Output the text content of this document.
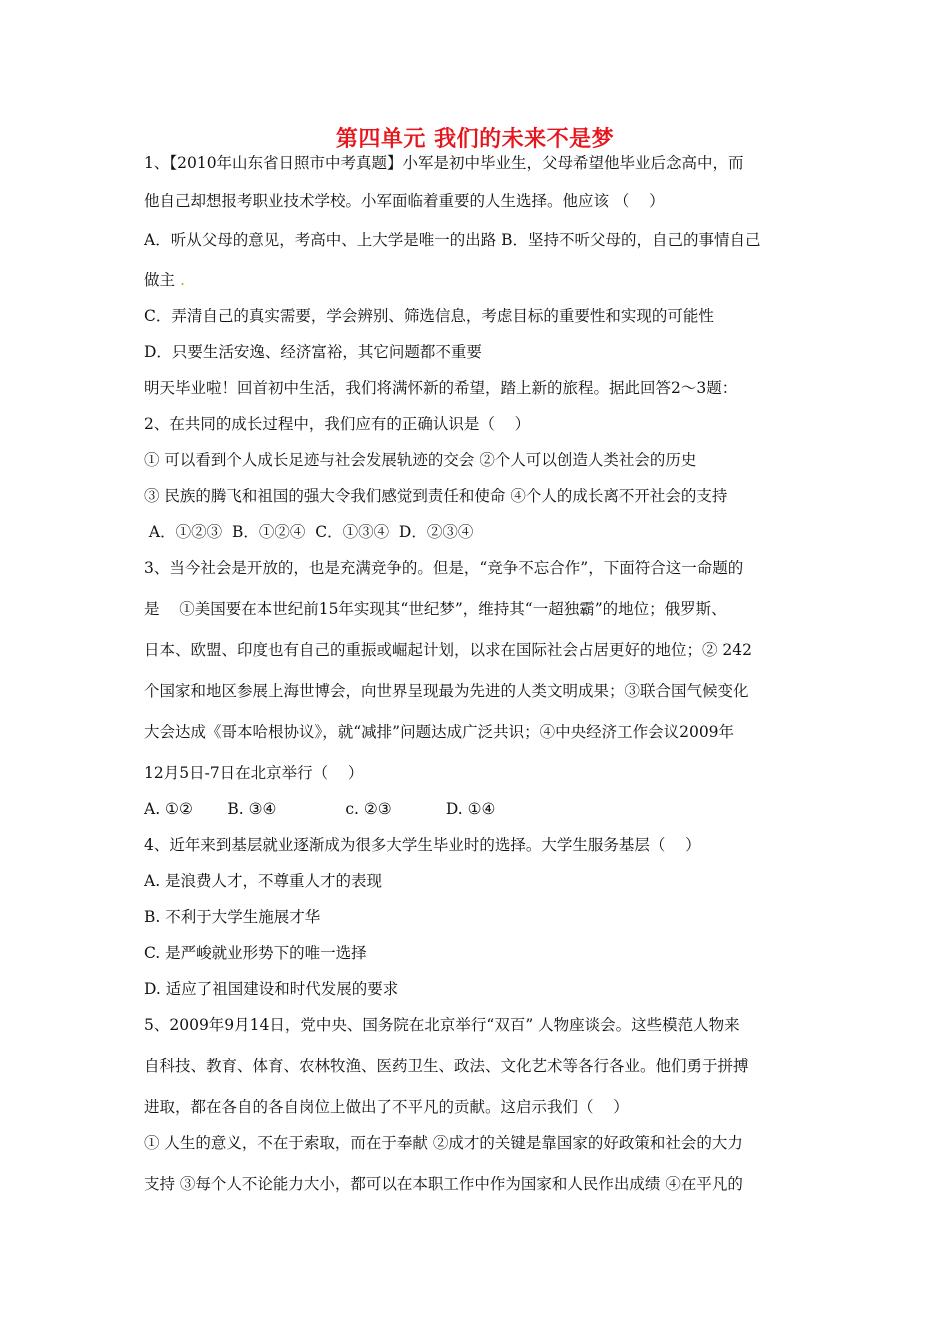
第四单元 我们的未来不是梦
1、【2010年山东省日照市中考真题】小军是初中毕业生，父母希望他毕业后念高中，而
他自己却想报考职业技术学校。小军面临着重要的人生选择。他应该 （    ）
A．听从父母的意见，考高中、上大学是唯一的出路 B．坚持不听父母的，自己的事情自己
做主 .
C．弄清自己的真实需要，学会辨别、筛选信息，考虑目标的重要性和实现的可能性
D．只要生活安逸、经济富裕，其它问题都不重要
明天毕业啦！回首初中生活，我们将满怀新的希望，踏上新的旅程。据此回答2～3题：
2、在共同的成长过程中，我们应有的正确认识是（    ）
① 可以看到个人成长足迹与社会发展轨迹的交会 ②个人可以创造人类社会的历史
③ 民族的腾飞和祖国的强大令我们感觉到责任和使命 ④个人的成长离不开社会的支持
A．①②③  B．①②④  C．①③④  D．②③④
3、当今社会是开放的，也是充满竞争的。但是，“竞争不忘合作”，下面符合这一命题的
是    ①美国要在本世纪前15年实现其“世纪梦”，维持其“一超独霸”的地位；俄罗斯、
日本、欧盟、印度也有自己的重振或崛起计划，以求在国际社会占居更好的地位；② 242
个国家和地区参展上海世博会，向世界呈现最为先进的人类文明成果；③联合国气候变化
大会达成《哥本哈根协议》，就“减排”问题达成广泛共识；④中央经济工作会议2009年
12月5日-7日在北京举行（    ）
A. ①②       B. ③④              c. ②③           D. ①④
4、近年来到基层就业逐渐成为很多大学生毕业时的选择。大学生服务基层（    ）
A. 是浪费人才，不尊重人才的表现
B. 不利于大学生施展才华
C. 是严峻就业形势下的唯一选择
D. 适应了祖国建设和时代发展的要求
5、2009年9月14日，党中央、国务院在北京举行“双百” 人物座谈会。这些模范人物来
自科技、教育、体育、农林牧渔、医药卫生、政法、文化艺术等各行各业。他们勇于拼搏
进取，都在各自的各自岗位上做出了不平凡的贡献。这启示我们（    ）
① 人生的意义，不在于索取，而在于奉献 ②成才的关键是靠国家的好政策和社会的大力
支持 ③每个人不论能力大小，都可以在本职工作中作为国家和人民作出成绩 ④在平凡的
